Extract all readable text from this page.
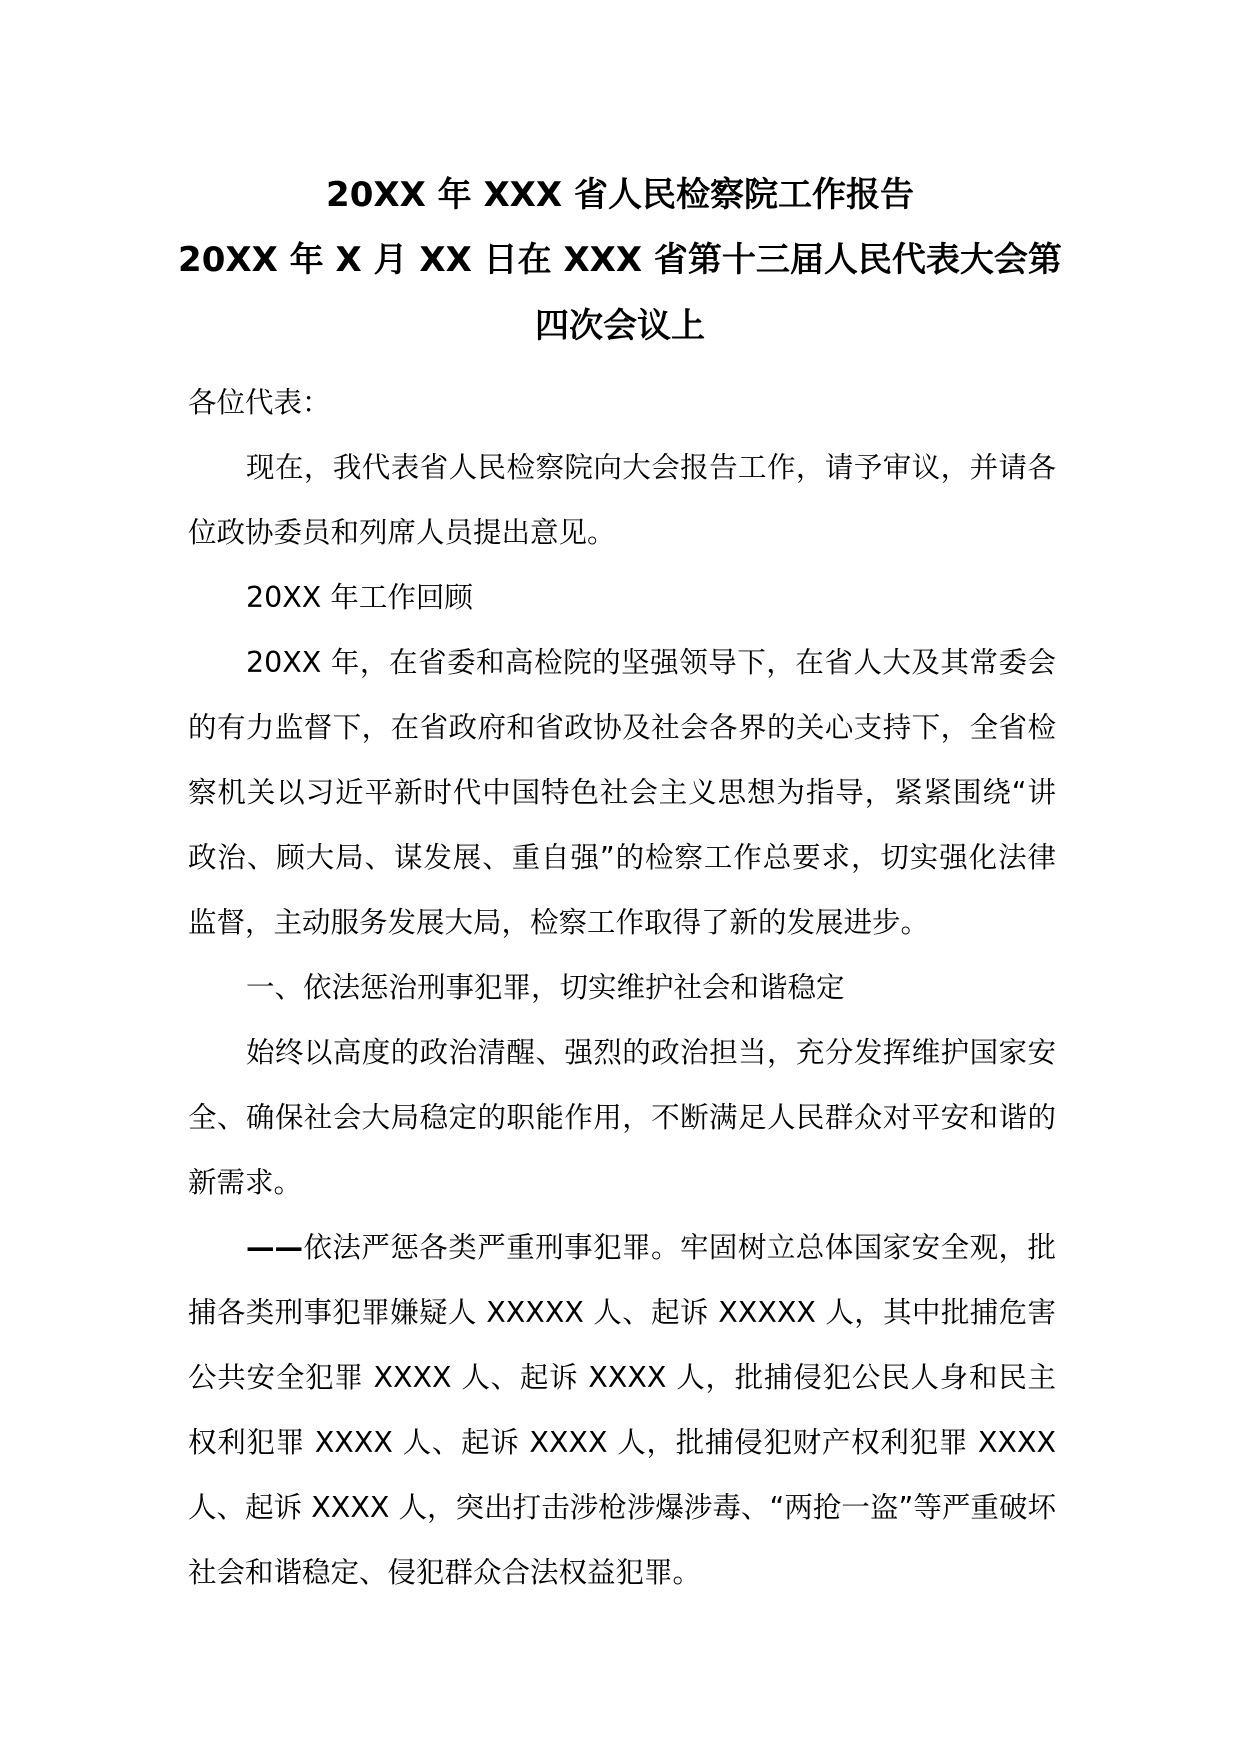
20XX 年 XXX 省人民检察院工作报告
20XX 年 X 月 XX 日在 XXX 省第十三届人民代表大会第
四次会议上

各位代表：

现在，我代表省人民检察院向大会报告工作，请予审议，并请各位政协委员和列席人员提出意见。

20XX 年工作回顾

20XX 年，在省委和高检院的坚强领导下，在省人大及其常委会的有力监督下，在省政府和省政协及社会各界的关心支持下，全省检察机关以习近平新时代中国特色社会主义思想为指导，紧紧围绕“讲政治、顾大局、谋发展、重自强”的检察工作总要求，切实强化法律监督，主动服务发展大局，检察工作取得了新的发展进步。

一、依法惩治刑事犯罪，切实维护社会和谐稳定

始终以高度的政治清醒、强烈的政治担当，充分发挥维护国家安全、确保社会大局稳定的职能作用，不断满足人民群众对平安和谐的新需求。

——依法严惩各类严重刑事犯罪。牢固树立总体国家安全观，批捕各类刑事犯罪嫌疑人 XXXXX 人、起诉 XXXXX 人，其中批捕危害公共安全犯罪 XXXX 人、起诉 XXXX 人，批捕侵犯公民人身和民主权利犯罪 XXXX 人、起诉 XXXX 人，批捕侵犯财产权利犯罪 XXXX 人、起诉 XXXX 人，突出打击涉枪涉爆涉毒、“两抢一盗”等严重破坏社会和谐稳定、侵犯群众合法权益犯罪。
